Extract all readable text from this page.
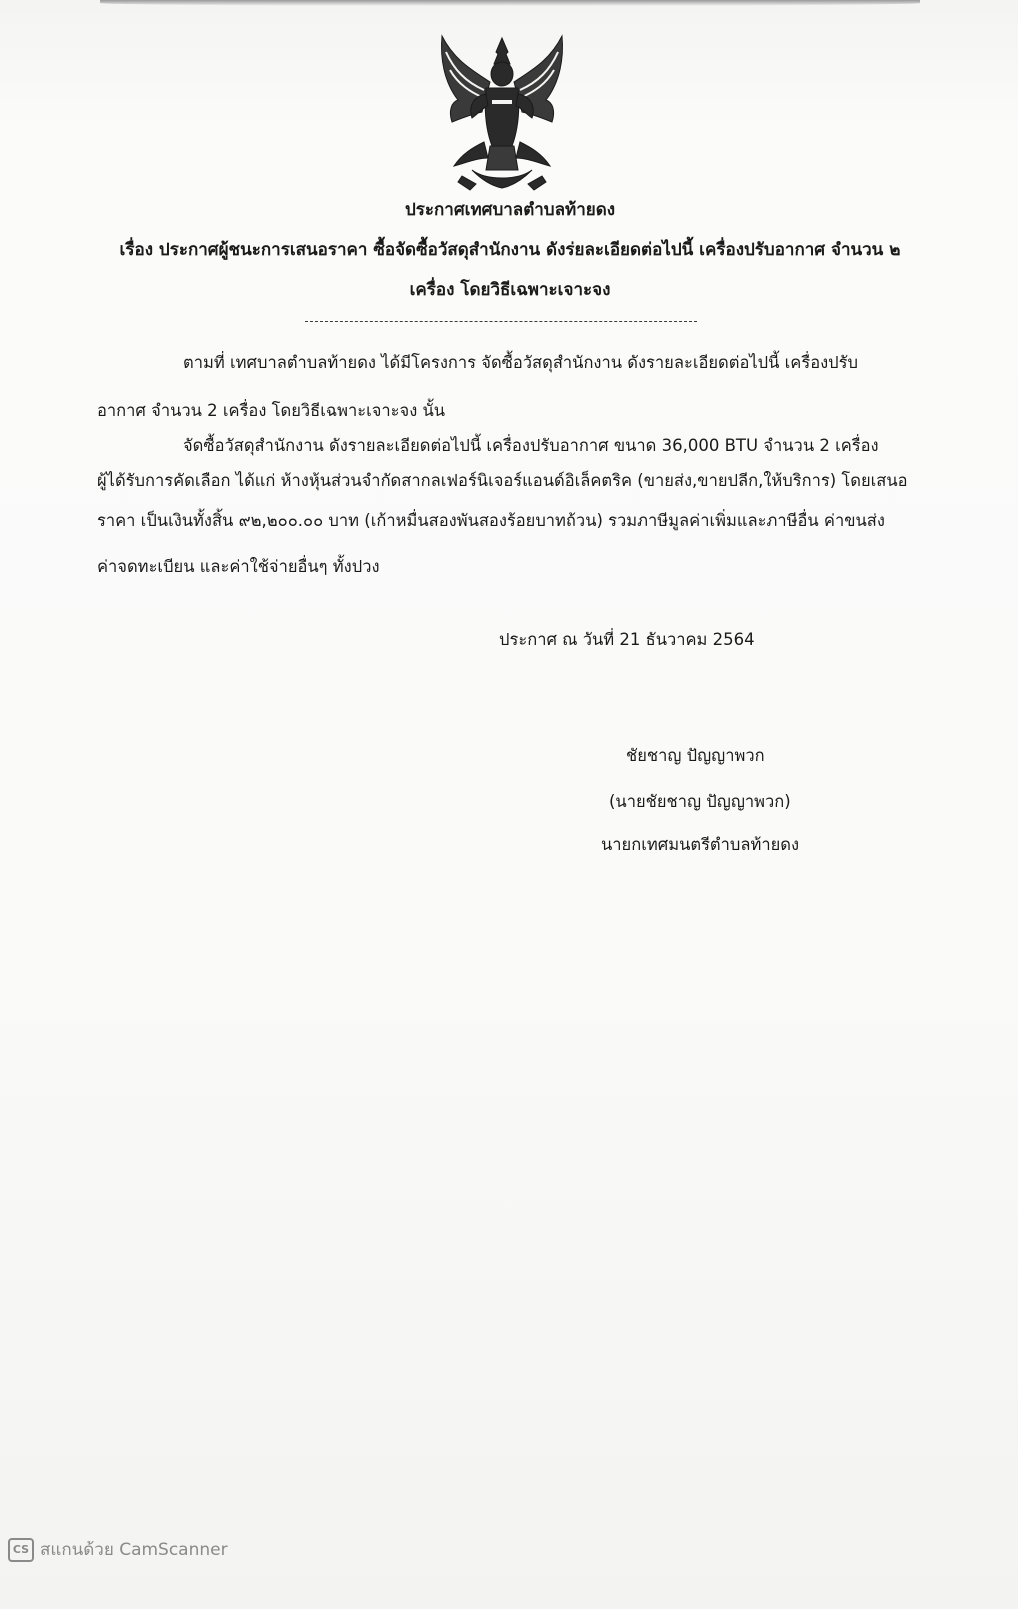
ประกาศเทศบาลตำบลท้ายดง
เรื่อง ประกาศผู้ชนะการเสนอราคา ซื้อจัดซื้อวัสดุสำนักงาน ดังร่ยละเอียดต่อไปนี้ เครื่องปรับอากาศ จำนวน ๒
เครื่อง โดยวิธีเฉพาะเจาะจง
ตามที่ เทศบาลตำบลท้ายดง ได้มีโครงการ จัดซื้อวัสดุสำนักงาน ดังรายละเอียดต่อไปนี้ เครื่องปรับ
อากาศ จำนวน 2 เครื่อง โดยวิธีเฉพาะเจาะจง นั้น
จัดซื้อวัสดุสำนักงาน ดังรายละเอียดต่อไปนี้ เครื่องปรับอากาศ ขนาด 36,000 BTU จำนวน 2 เครื่อง
ผู้ได้รับการคัดเลือก ได้แก่ ห้างหุ้นส่วนจำกัดสากลเฟอร์นิเจอร์แอนด์อิเล็คตริค (ขายส่ง,ขายปลีก,ให้บริการ) โดยเสนอ
ราคา เป็นเงินทั้งสิ้น ๙๒,๒๐๐.๐๐ บาท (เก้าหมื่นสองพันสองร้อยบาทถ้วน) รวมภาษีมูลค่าเพิ่มและภาษีอื่น ค่าขนส่ง
ค่าจดทะเบียน และค่าใช้จ่ายอื่นๆ ทั้งปวง
ประกาศ ณ วันที่ 21 ธันวาคม 2564
ชัยชาญ ปัญญาพวก
(นายชัยชาญ ปัญญาพวก)
นายกเทศมนตรีตำบลท้ายดง
CS สแกนด้วย CamScanner
